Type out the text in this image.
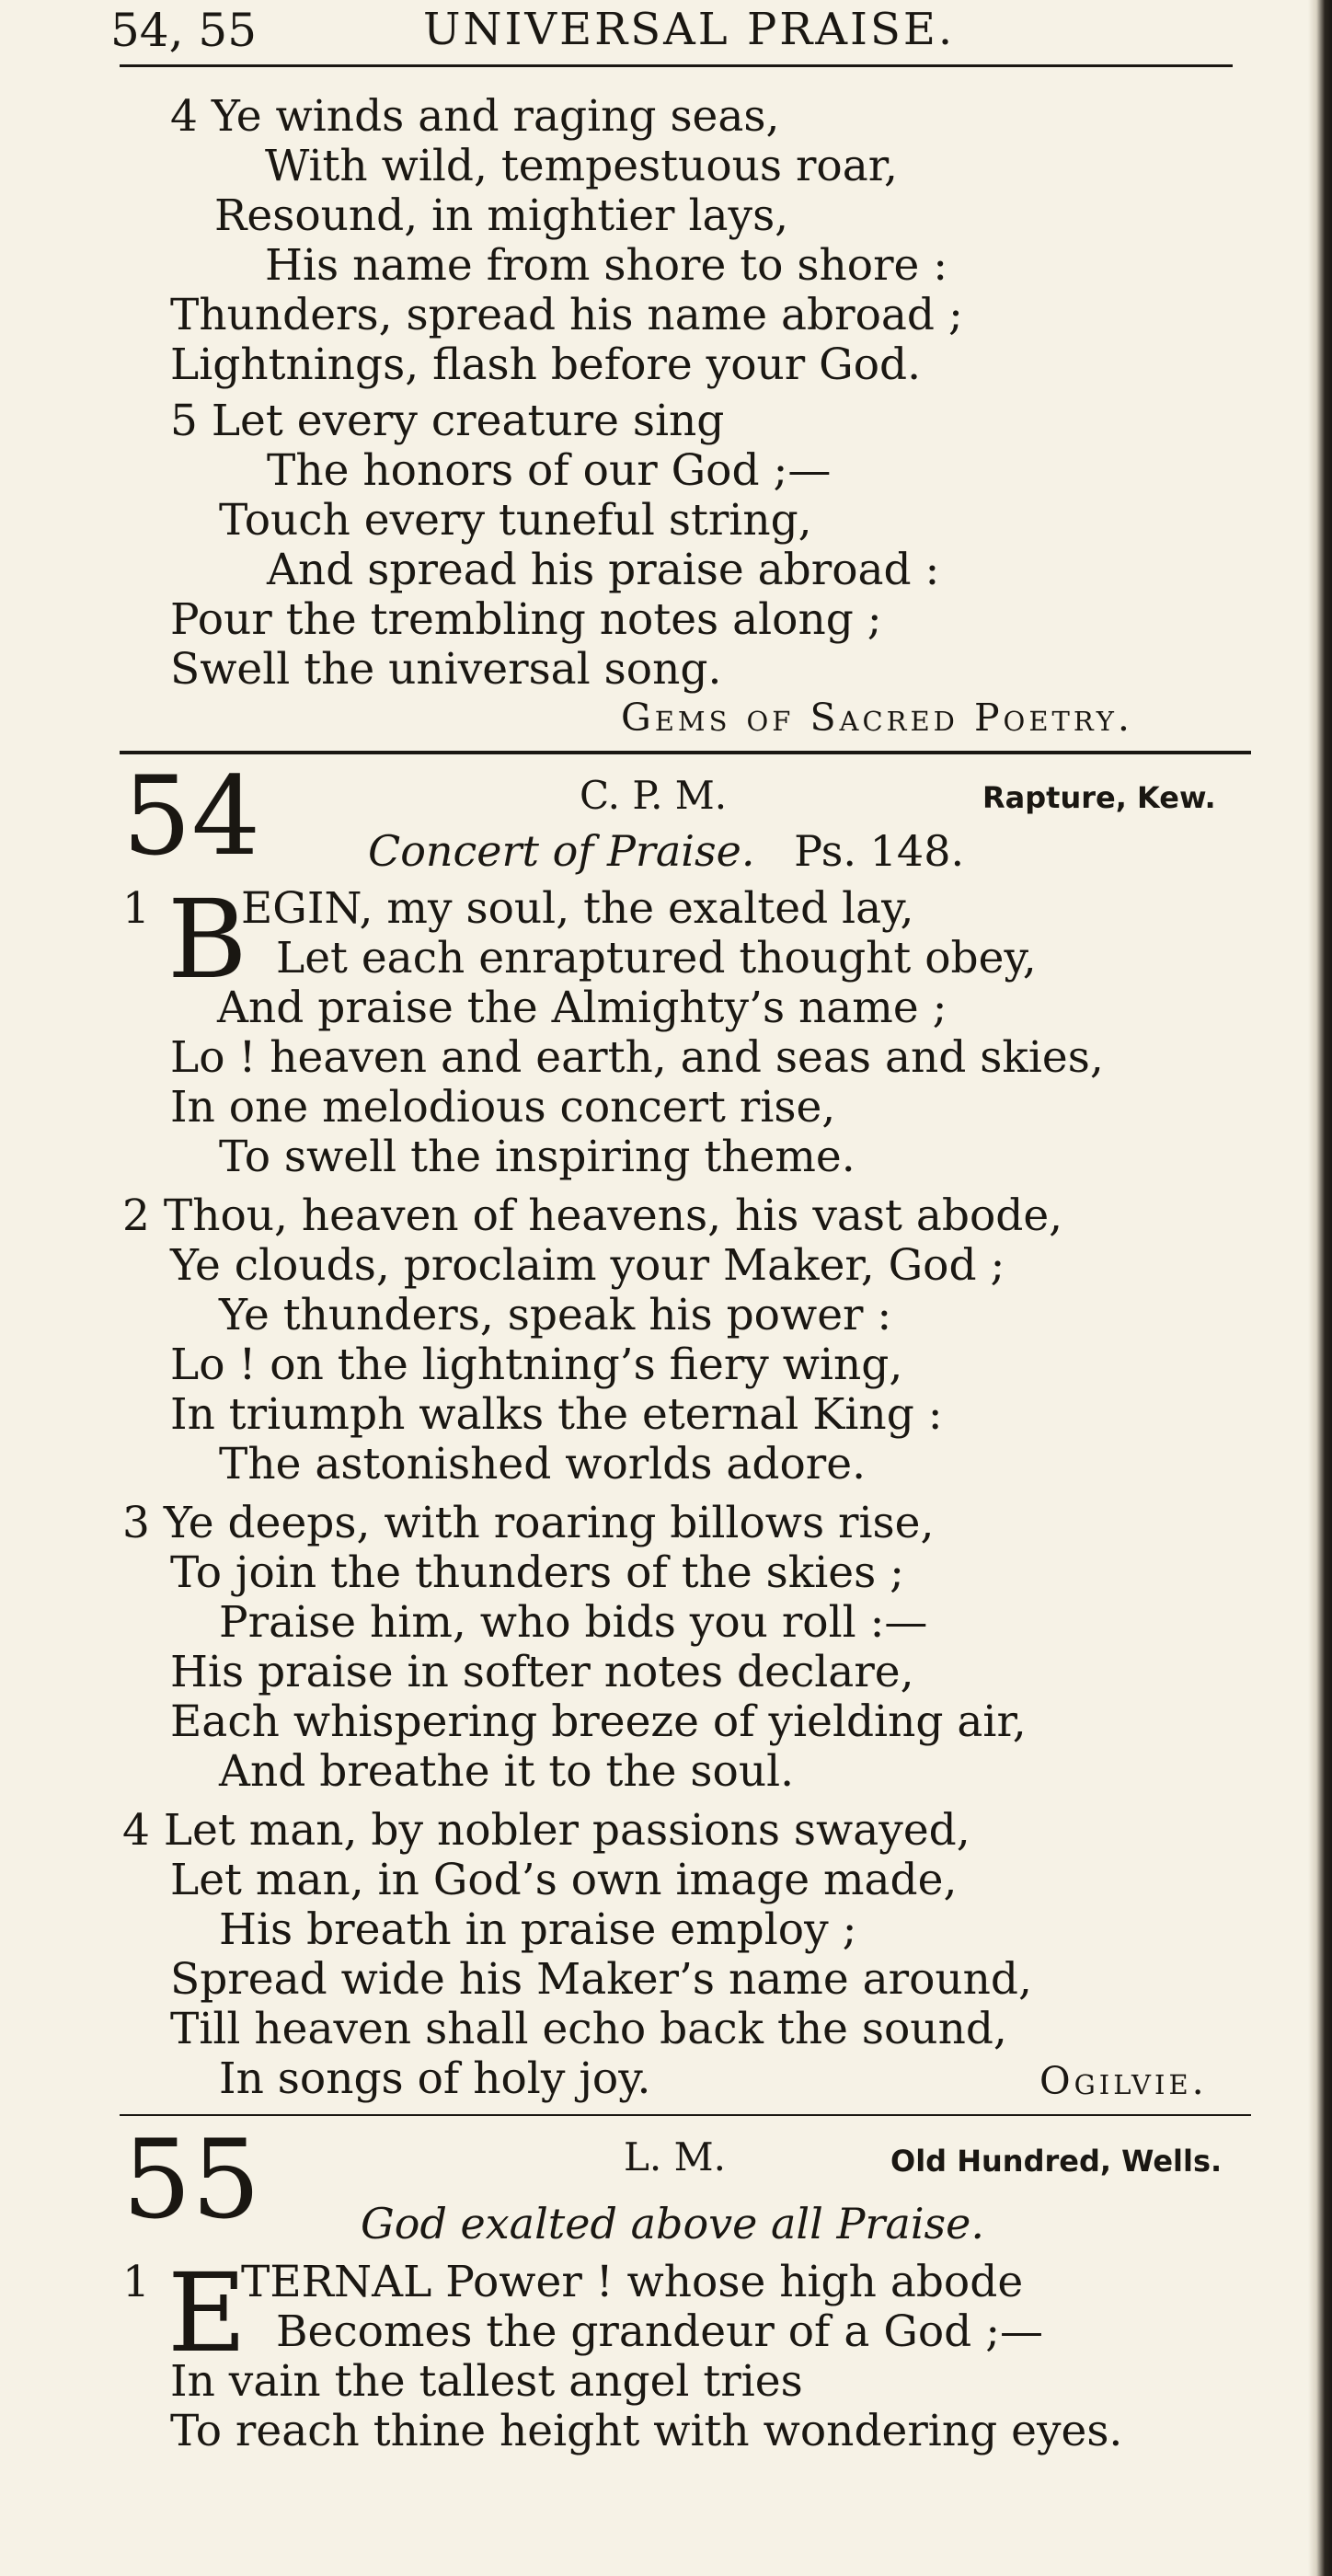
54, 55	UNIVERSAL PRAISE.
4 Ye winds and raging seas,
With wild, tempestuous roar,
Resound, in mightier lays,
His name from shore to shore :
Thunders, spread his name abroad ;
Lightnings, flash before your God.
5 Let every creature sing
The honors of our God ;—
Touch every tuneful string,
And spread his praise abroad :
Pour the trembling notes along ;
Swell the universal song.
Gems of Sacred Poetry.
54	C. P. M.	Rapture, Kew.
Concert of Praise. Ps. 148.
1 B
EGIN, my soul, the exalted lay,
Let each enraptured thought obey,
And praise the Almighty’s name ;
Lo ! heaven and earth, and seas and skies,
In one melodious concert rise,
To swell the inspiring theme.
2 Thou, heaven of heavens, his vast abode,
Ye clouds, proclaim your Maker, God ;
Ye thunders, speak his power :
Lo ! on the lightning’s fiery wing,
In triumph walks the eternal King :
The astonished worlds adore.
3 Ye deeps, with roaring billows rise,
To join the thunders of the skies ;
Praise him, who bids you roll :—
His praise in softer notes declare,
Each whispering breeze of yielding air,
And breathe it to the soul.
4 Let man, by nobler passions swayed,
Let man, in God’s own image made,
His breath in praise employ ;
Spread wide his Maker’s name around,
Till heaven shall echo back the sound,
In songs of holy joy.	Ogilvie.
55	L. M.	Old Hundred, Wells.
God exalted above all Praise.
1 E
TERNAL Power ! whose high abode
Becomes the grandeur of a God ;—
In vain the tallest angel tries
To reach thine height with wondering eyes.
